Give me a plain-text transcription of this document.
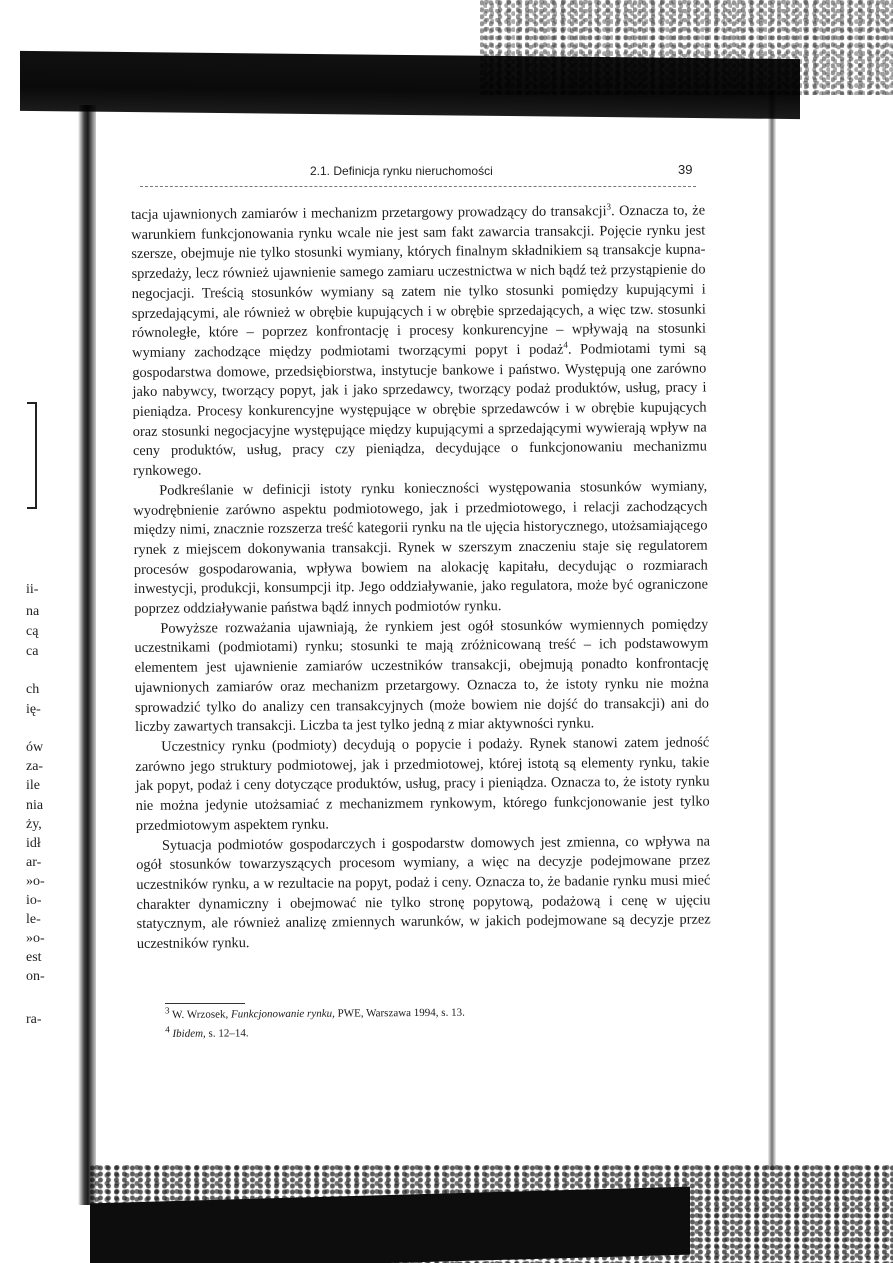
ii-
na
cą
ca
ch
ię-
ów
za-
ile
nia
ży,
idł
ar-
»o-
io-
le-
»o-
est
on-
ra-
2.1. Definicja rynku nieruchomości	39

tacja ujawnionych zamiarów i mechanizm przetargowy prowadzący do transakcji$^3$. Oznacza to, że warunkiem funkcjonowania rynku wcale nie jest sam fakt zawarcia transakcji. Pojęcie rynku jest szersze, obejmuje nie tylko stosunki wymiany, których finalnym składnikiem są transakcje kupna-sprzedaży, lecz również ujawnienie samego zamiaru uczestnictwa w nich bądź też przystąpienie do negocjacji. Treścią stosunków wymiany są zatem nie tylko stosunki pomiędzy kupującymi i sprzedającymi, ale również w obrębie kupujących i w obrębie sprzedających, a więc tzw. stosunki równoległe, które – poprzez konfrontację i procesy konkurencyjne – wpływają na stosunki wymiany zachodzące między podmiotami tworzącymi popyt i podaż$^4$. Podmiotami tymi są gospodarstwa domowe, przedsiębiorstwa, instytucje bankowe i państwo. Występują one zarówno jako nabywcy, tworzący popyt, jak i jako sprzedawcy, tworzący podaż produktów, usług, pracy i pieniądza. Procesy konkurencyjne występujące w obrębie sprzedawców i w obrębie kupujących oraz stosunki negocjacyjne występujące między kupującymi a sprzedającymi wywierają wpływ na ceny produktów, usług, pracy czy pieniądza, decydujące o funkcjonowaniu mechanizmu rynkowego.

Podkreślanie w definicji istoty rynku konieczności występowania stosunków wymiany, wyodrębnienie zarówno aspektu podmiotowego, jak i przedmiotowego, i relacji zachodzących między nimi, znacznie rozszerza treść kategorii rynku na tle ujęcia historycznego, utożsamiającego rynek z miejscem dokonywania transakcji. Rynek w szerszym znaczeniu staje się regulatorem procesów gospodarowania, wpływa bowiem na alokację kapitału, decydując o rozmiarach inwestycji, produkcji, konsumpcji itp. Jego oddziaływanie, jako regulatora, może być ograniczone poprzez oddziaływanie państwa bądź innych podmiotów rynku.

Powyższe rozważania ujawniają, że rynkiem jest ogół stosunków wymiennych pomiędzy uczestnikami (podmiotami) rynku; stosunki te mają zróżnicowaną treść – ich podstawowym elementem jest ujawnienie zamiarów uczestników transakcji, obejmują ponadto konfrontację ujawnionych zamiarów oraz mechanizm przetargowy. Oznacza to, że istoty rynku nie można sprowadzić tylko do analizy cen transakcyjnych (może bowiem nie dojść do transakcji) ani do liczby zawartych transakcji. Liczba ta jest tylko jedną z miar aktywności rynku.

Uczestnicy rynku (podmioty) decydują o popycie i podaży. Rynek stanowi zatem jedność zarówno jego struktury podmiotowej, jak i przedmiotowej, której istotą są elementy rynku, takie jak popyt, podaż i ceny dotyczące produktów, usług, pracy i pieniądza. Oznacza to, że istoty rynku nie można jedynie utożsamiać z mechanizmem rynkowym, którego funkcjonowanie jest tylko przedmiotowym aspektem rynku.

Sytuacja podmiotów gospodarczych i gospodarstw domowych jest zmienna, co wpływa na ogół stosunków towarzyszących procesom wymiany, a więc na decyzje podejmowane przez uczestników rynku, a w rezultacie na popyt, podaż i ceny. Oznacza to, że badanie rynku musi mieć charakter dynamiczny i obejmować nie tylko stronę popytową, podażową i cenę w ujęciu statycznym, ale również analizę zmiennych warunków, w jakich podejmowane są decyzje przez uczestników rynku.

$^3$ W. Wrzosek, Funkcjonowanie rynku, PWE, Warszawa 1994, s. 13.
$^4$ Ibidem, s. 12–14.
